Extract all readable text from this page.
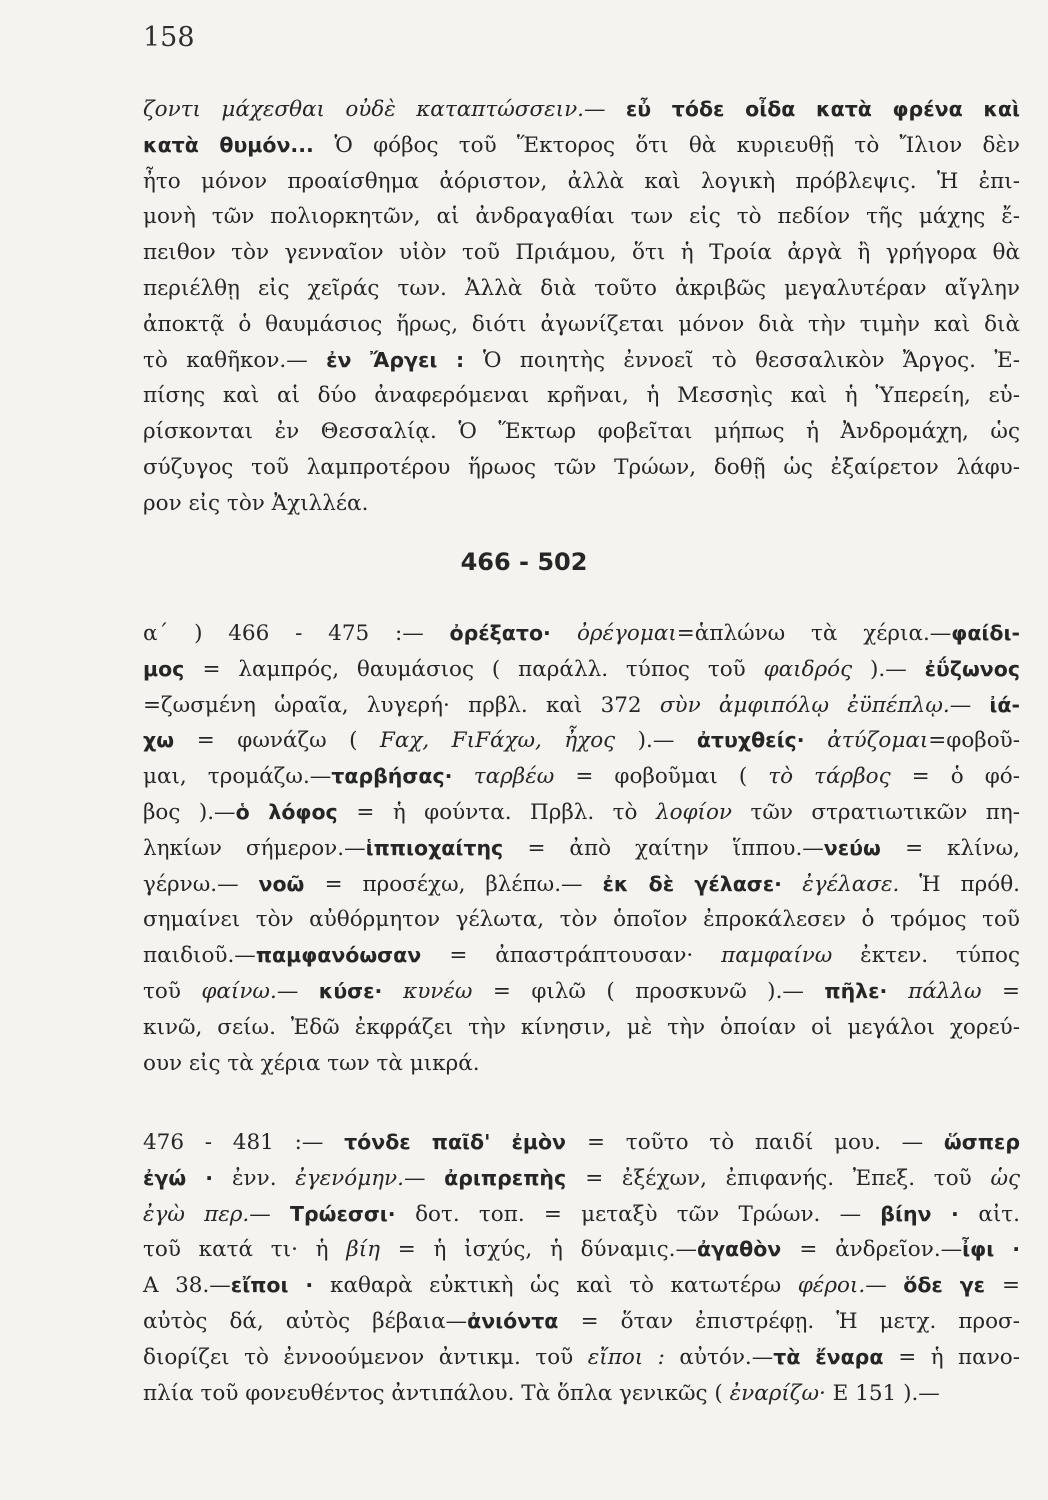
158
ζοντι μάχεσθαι οὐδὲ καταπτώσσειν.— εὖ τόδε οἶδα κατὰ φρένα καὶ
κατὰ θυμόν... Ὁ φόβος τοῦ Ἕκτορος ὅτι θὰ κυριευθῇ τὸ Ἴλιον δὲν
ἦτο μόνον προαίσθημα ἀόριστον, ἀλλὰ καὶ λογικὴ πρόβλεψις. Ἡ ἐπι-
μονὴ τῶν πολιορκητῶν, αἱ ἀνδραγαθίαι των εἰς τὸ πεδίον τῆς μάχης ἔ-
πειθον τὸν γενναῖον υἱὸν τοῦ Πριάμου, ὅτι ἡ Τροία ἀργὰ ἢ γρήγορα θὰ
περιέλθῃ εἰς χεῖράς των. Ἀλλὰ διὰ τοῦτο ἀκριβῶς μεγαλυτέραν αἴγλην
ἀποκτᾷ ὁ θαυμάσιος ἥρως, διότι ἀγωνίζεται μόνον διὰ τὴν τιμὴν καὶ διὰ
τὸ καθῆκον.— ἐν Ἄργει : Ὁ ποιητὴς ἐννοεῖ τὸ θεσσαλικὸν Ἄργος. Ἐ-
πίσης καὶ αἱ δύο ἀναφερόμεναι κρῆναι, ἡ Μεσσηὶς καὶ ἡ Ὑπερείη, εὑ-
ρίσκονται ἐν Θεσσαλίᾳ. Ὁ Ἕκτωρ φοβεῖται μήπως ἡ Ἀνδρομάχη, ὡς
σύζυγος τοῦ λαμπροτέρου ἥρωος τῶν Τρώων, δοθῇ ὡς ἐξαίρετον λάφυ-
ρον εἰς τὸν Ἀχιλλέα.
466 - 502
α΄ ) 466 - 475 :— ὀρέξατο· ὀρέγομαι=ἁπλώνω τὰ χέρια.—φαίδι-
μος = λαμπρός, θαυμάσιος ( παράλλ. τύπος τοῦ φαιδρός ).— ἐΰζωνος
=ζωσμένη ὡραῖα, λυγερή· πρβλ. καὶ 372 σὺν ἀμφιπόλῳ ἐϋπέπλῳ.— ἰά-
χω = φωνάζω ( Fαχ, FιFάχω, ἦχος ).— ἀτυχθείς· ἀτύζομαι=φοβοῦ-
μαι, τρομάζω.—ταρβήσας· ταρβέω = φοβοῦμαι ( τὸ τάρβος = ὁ φό-
βος ).—ὁ λόφος = ἡ φούντα. Πρβλ. τὸ λοφίον τῶν στρατιωτικῶν πη-
ληκίων σήμερον.—ἱππιοχαίτης = ἀπὸ χαίτην ἵππου.—νεύω = κλίνω,
γέρνω.— νοῶ = προσέχω, βλέπω.— ἐκ δὲ γέλασε· ἐγέλασε. Ἡ πρόθ.
σημαίνει τὸν αὐθόρμητον γέλωτα, τὸν ὁποῖον ἐπροκάλεσεν ὁ τρόμος τοῦ
παιδιοῦ.—παμφανόωσαν = ἀπαστράπτουσαν· παμφαίνω ἐκτεν. τύπος
τοῦ φαίνω.— κύσε· κυνέω = φιλῶ ( προσκυνῶ ).— πῆλε· πάλλω =
κινῶ, σείω. Ἐδῶ ἐκφράζει τὴν κίνησιν, μὲ τὴν ὁποίαν οἱ μεγάλοι χορεύ-
ουν εἰς τὰ χέρια των τὰ μικρά.
476 - 481 :— τόνδε παῖδ' ἐμὸν = τοῦτο τὸ παιδί μου. — ὥσπερ
ἐγώ · ἐνν. ἐγενόμην.— ἀριπρεπὴς = ἐξέχων, ἐπιφανής. Ἐπεξ. τοῦ ὡς
ἐγὼ περ.— Τρώεσσι· δοτ. τοπ. = μεταξὺ τῶν Τρώων. — βίην · αἰτ.
τοῦ κατά τι· ἡ βίη = ἡ ἰσχύς, ἡ δύναμις.—ἀγαθὸν = ἀνδρεῖον.—ἶφι ·
Α 38.—εἴποι · καθαρὰ εὐκτικὴ ὡς καὶ τὸ κατωτέρω φέροι.— ὅδε γε =
αὐτὸς δά, αὐτὸς βέβαια—ἀνιόντα = ὅταν ἐπιστρέφῃ. Ἡ μετχ. προσ-
διορίζει τὸ ἐννοούμενον ἀντικμ. τοῦ εἴποι : αὐτόν.—τὰ ἔναρα = ἡ πανο-
πλία τοῦ φονευθέντος ἀντιπάλου. Τὰ ὅπλα γενικῶς ( ἐναρίζω· Ε 151 ).—
